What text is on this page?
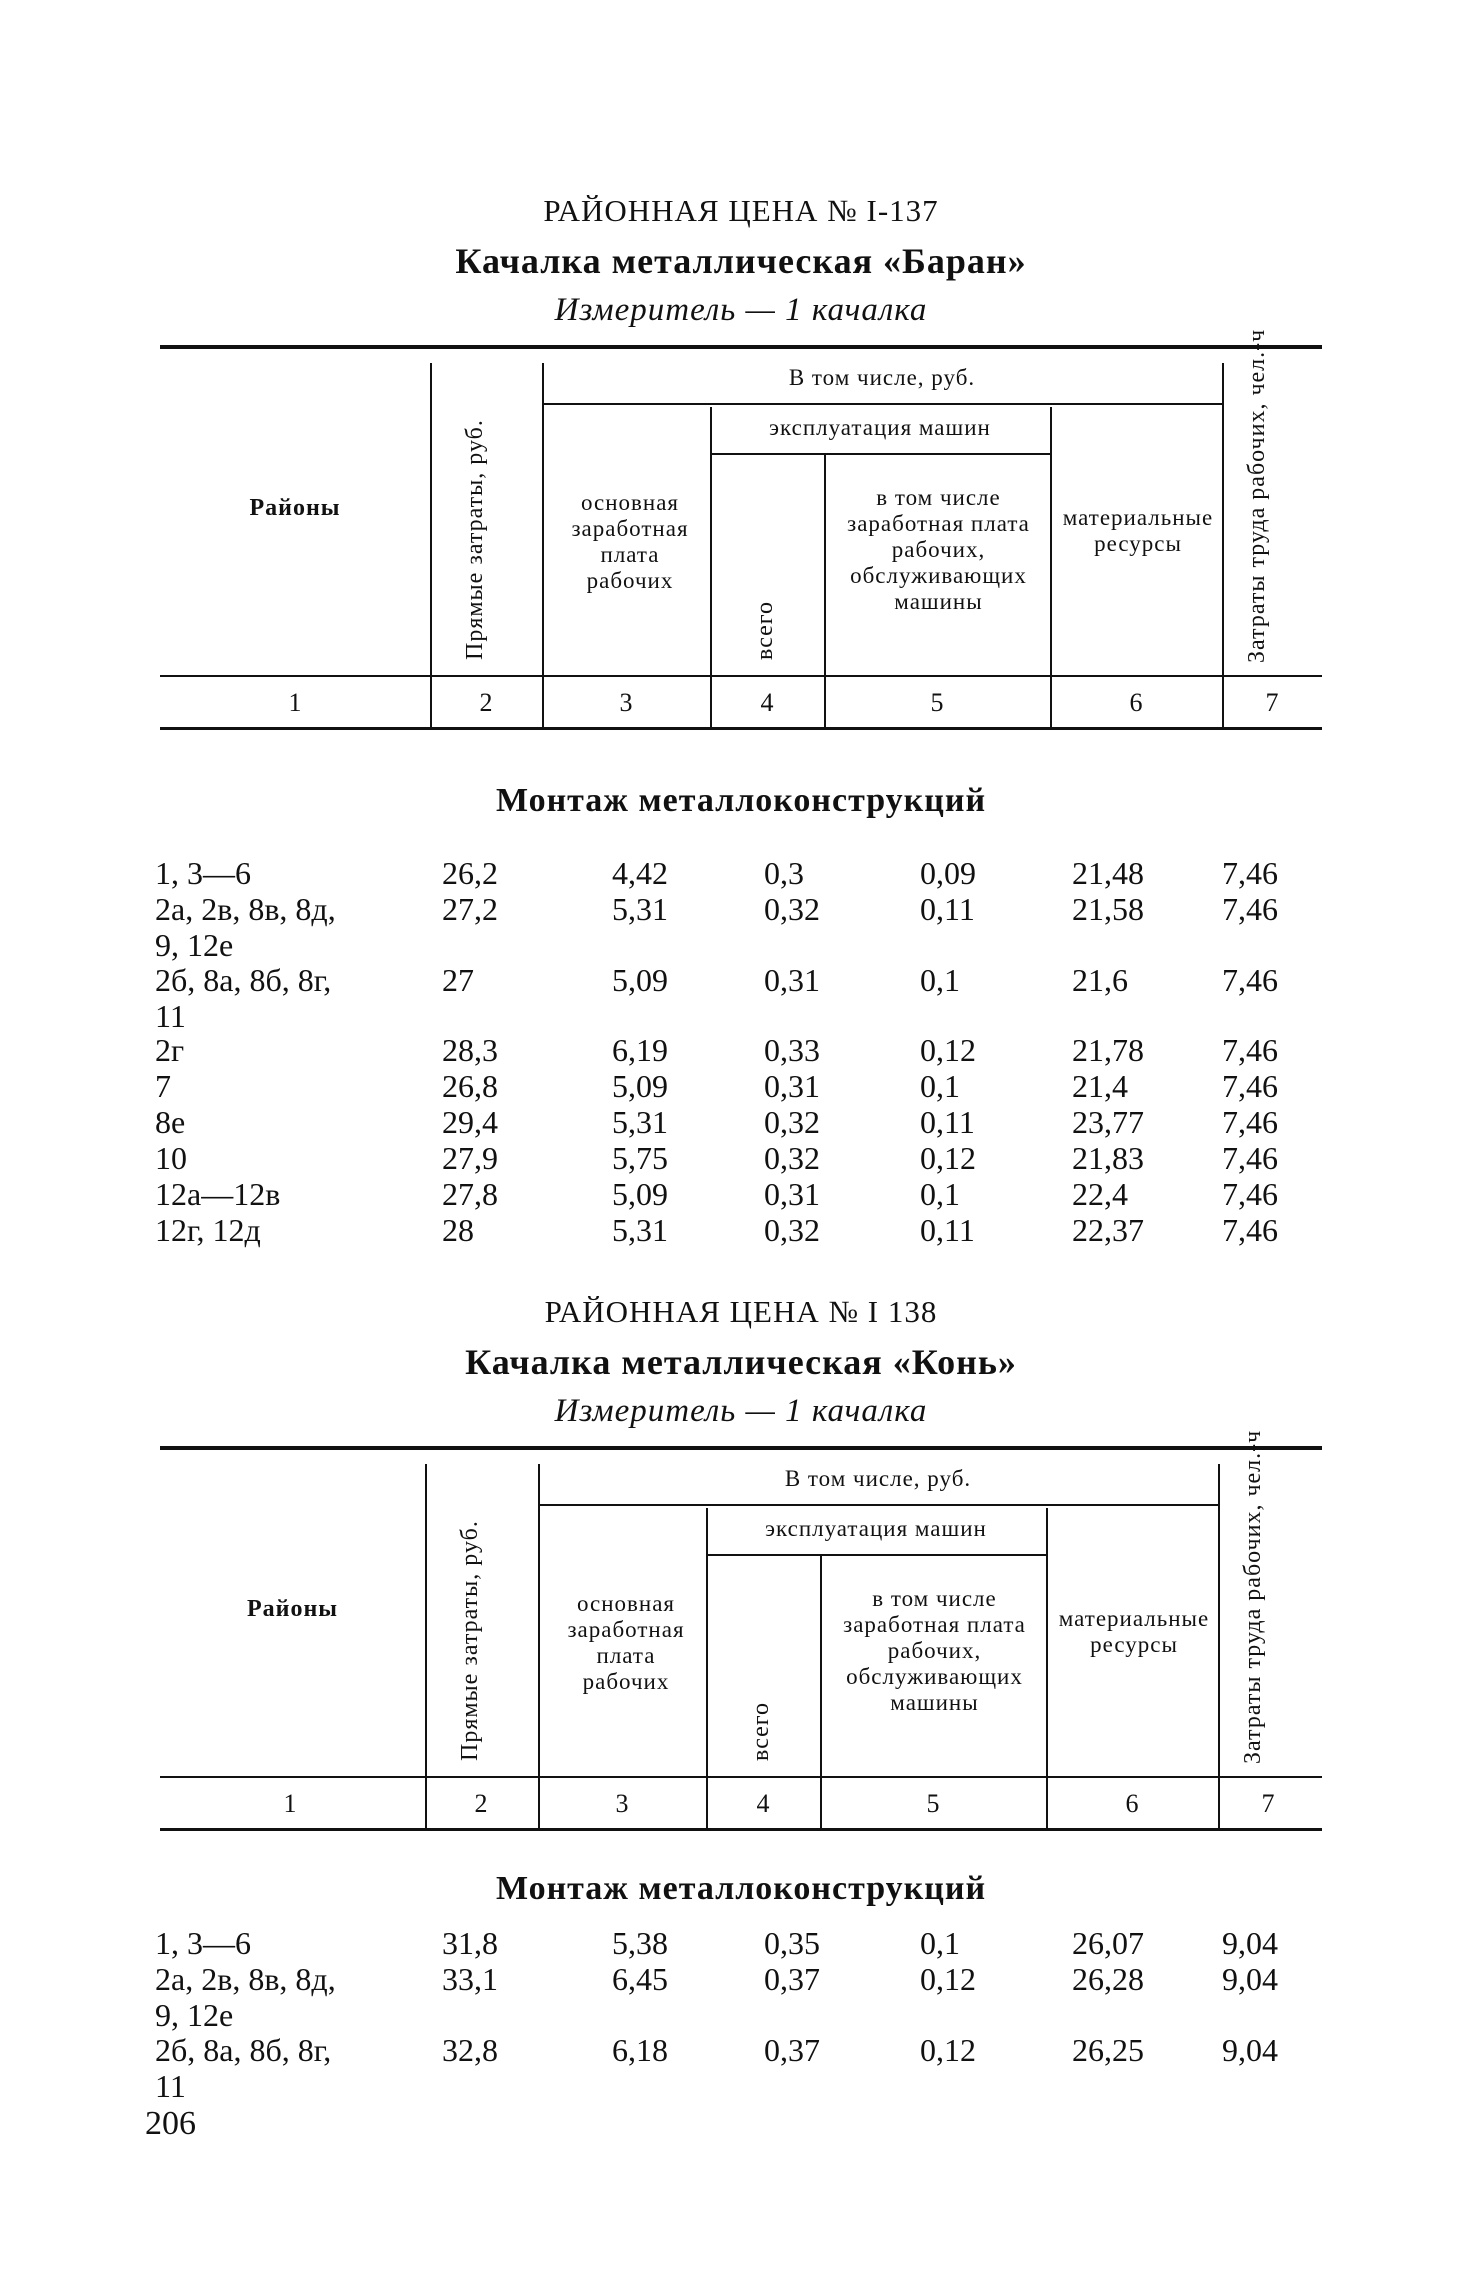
РАЙОННАЯ ЦЕНА № I-137
Качалка металлическая «Баран»
Измеритель — 1 качалка
Районы	Прямые затраты, руб.
В том числе, руб.
основная заработная плата рабочих
эксплуатация машин
всего
в том числе заработная плата рабочих, обслуживающих машины
материальные ресурсы	Затраты труда рабочих, чел.-ч
1	2	3	4	5	6	7
Монтаж металлоконструкций
1, 3—6	26,2	4,42	0,3	0,09	21,48 7,46
2а, 2в, 8в, 8д,	27,2	5,31	0,32	0,11	21,58 7,46
9, 12е
2б, 8а, 8б, 8г,	27	5,09	0,31	0,1	21,6	7,46
11
2г	28,3	6,19	0,33	0,12	21,78 7,46
7	26,8	5,09	0,31	0,1	21,4	7,46
8е	29,4	5,31	0,32	0,11	23,77 7,46
10	27,9	5,75	0,32	0,12	21,83 7,46
12а—12в	27,8	5,09	0,31	0,1	22,4	7,46
12г, 12д	28	5,31	0,32	0,11	22,37 7,46
РАЙОННАЯ ЦЕНА № I 138
Качалка металлическая «Конь»
Измеритель — 1 качалка
Районы	Прямые затраты, руб.
В том числе, руб.
основная заработная плата рабочих
эксплуатация машин
всего
в том числе заработная плата рабочих, обслуживающих машины
материальные ресурсы	Затраты труда рабочих, чел.-ч
1	2	3	4	5	6	7
Монтаж металлоконструкций
1, 3—6	31,8	5,38	0,35	0,1	26,07 9,04
2а, 2в, 8в, 8д,	33,1	6,45	0,37	0,12	26,28 9,04
9, 12е
2б, 8а, 8б, 8г,	32,8	6,18	0,37	0,12	26,25 9,04
11
206
